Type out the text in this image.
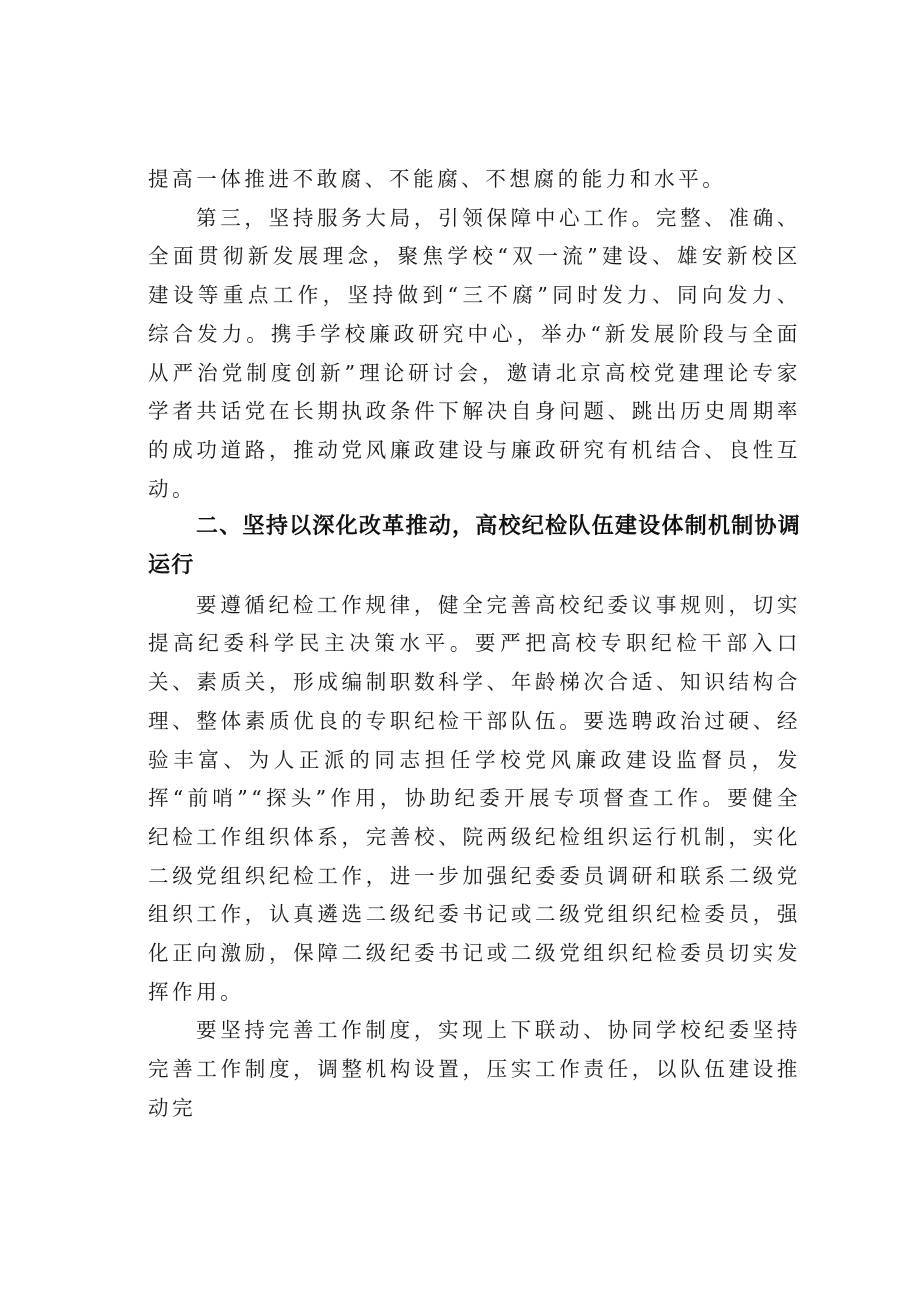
提高一体推进不敢腐、不能腐、不想腐的能力和水平。

第三，坚持服务大局，引领保障中心工作。完整、准确、全面贯彻新发展理念，聚焦学校“双一流”建设、雄安新校区建设等重点工作，坚持做到“三不腐”同时发力、同向发力、综合发力。携手学校廉政研究中心，举办“新发展阶段与全面从严治党制度创新”理论研讨会，邀请北京高校党建理论专家学者共话党在长期执政条件下解决自身问题、跳出历史周期率的成功道路，推动党风廉政建设与廉政研究有机结合、良性互动。

二、坚持以深化改革推动，高校纪检队伍建设体制机制协调运行

要遵循纪检工作规律，健全完善高校纪委议事规则，切实提高纪委科学民主决策水平。要严把高校专职纪检干部入口关、素质关，形成编制职数科学、年龄梯次合适、知识结构合理、整体素质优良的专职纪检干部队伍。要选聘政治过硬、经验丰富、为人正派的同志担任学校党风廉政建设监督员，发挥“前哨”“探头”作用，协助纪委开展专项督查工作。要健全纪检工作组织体系，完善校、院两级纪检组织运行机制，实化二级党组织纪检工作，进一步加强纪委委员调研和联系二级党组织工作，认真遴选二级纪委书记或二级党组织纪检委员，强化正向激励，保障二级纪委书记或二级党组织纪检委员切实发挥作用。

要坚持完善工作制度，实现上下联动、协同学校纪委坚持完善工作制度，调整机构设置，压实工作责任，以队伍建设推动完
